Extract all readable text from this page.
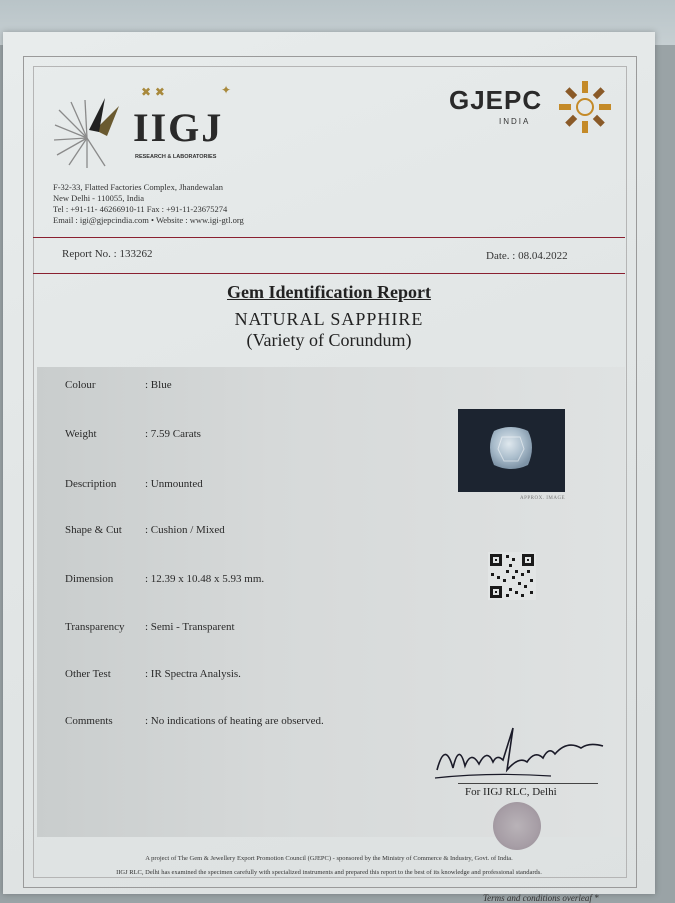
✖ ✖	✦
IIGJ
RESEARCH & LABORATORIES
GJEPC
INDIA
F-32-33, Flatted Factories Complex, Jhandewalan
New Delhi - 110055, India
Tel : +91-11- 46266910-11 Fax : +91-11-23675274
Email : igi@gjepcindia.com • Website : www.igi-gtl.org
Report No. : 133262	Date. : 08.04.2022
Gem Identification Report
NATURAL SAPPHIRE
(Variety of Corundum)
Colour	: Blue
Weight	: 7.59 Carats
Description	: Unmounted
Shape & Cut	: Cushion / Mixed
Dimension	: 12.39 x 10.48 x 5.93 mm.
Transparency	: Semi - Transparent
Other Test	: IR Spectra Analysis.
Comments	: No indications of heating are observed.
APPROX. IMAGE
For IIGJ RLC, Delhi
A project of The Gem & Jewellery Export Promotion Council (GJEPC) - sponsored by the Ministry of Commerce & Industry, Govt. of India.
IIGJ RLC, Delhi has examined the specimen carefully with specialized instruments and prepared this report to the best of its knowledge and professional standards.
Terms and conditions overleaf *
